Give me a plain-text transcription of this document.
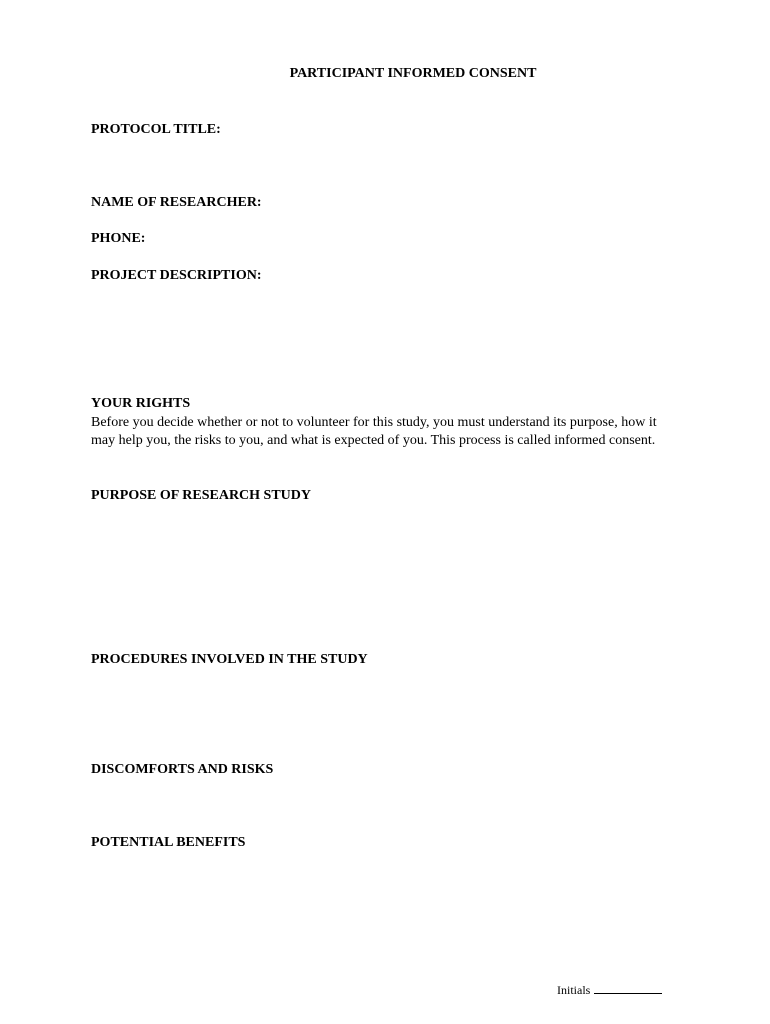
PARTICIPANT INFORMED CONSENT
PROTOCOL TITLE:
NAME OF RESEARCHER:
PHONE:
PROJECT DESCRIPTION:
YOUR RIGHTS
Before you decide whether or not to volunteer for this study, you must understand its purpose, how it may help you, the risks to you, and what is expected of you. This process is called informed consent.
PURPOSE OF RESEARCH STUDY
PROCEDURES INVOLVED IN THE STUDY
DISCOMFORTS AND RISKS
POTENTIAL BENEFITS
Initials
